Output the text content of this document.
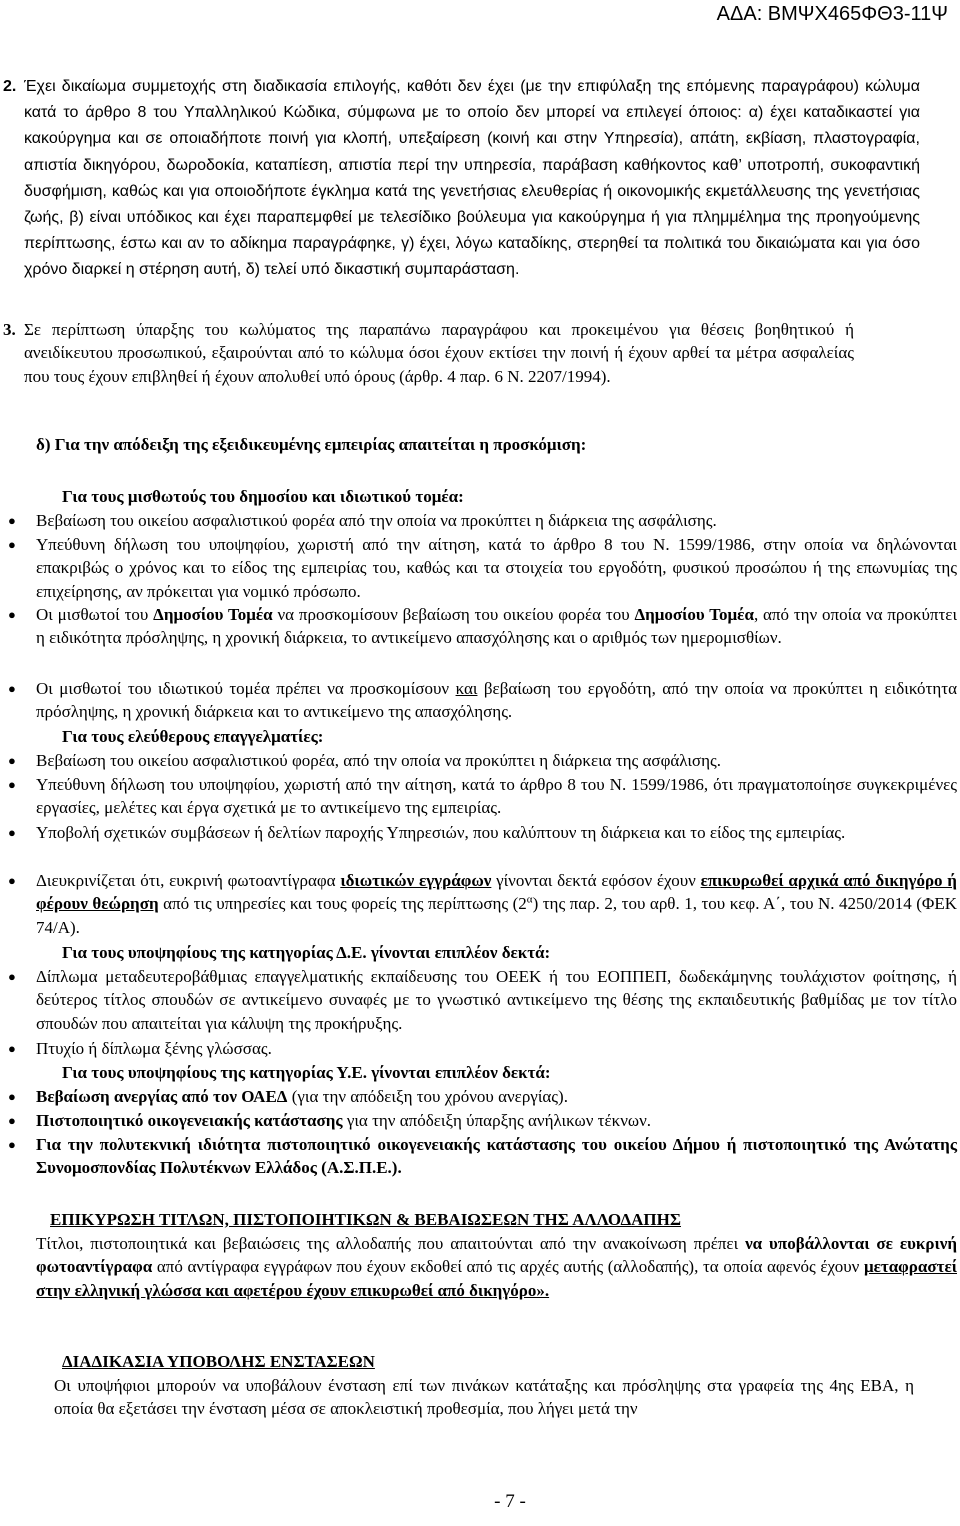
ΑΔΑ: ΒΜΨΧ465ΦΘ3-11Ψ
2. Έχει δικαίωμα συμμετοχής στη διαδικασία επιλογής, καθότι δεν έχει (με την επιφύλαξη της επόμενης παραγράφου) κώλυμα κατά το άρθρο 8 του Υπαλληλικού Κώδικα, σύμφωνα με το οποίο δεν μπορεί να επιλεγεί όποιος: α) έχει καταδικαστεί για κακούργημα και σε οποιαδήποτε ποινή για κλοπή, υπεξαίρεση (κοινή και στην Υπηρεσία), απάτη, εκβίαση, πλαστογραφία, απιστία δικηγόρου, δωροδοκία, καταπίεση, απιστία περί την υπηρεσία, παράβαση καθήκοντος καθ’ υποτροπή, συκοφαντική δυσφήμιση, καθώς και για οποιοδήποτε έγκλημα κατά της γενετήσιας ελευθερίας ή οικονομικής εκμετάλλευσης της γενετήσιας ζωής, β) είναι υπόδικος και έχει παραπεμφθεί με τελεσίδικο βούλευμα για κακούργημα ή για πλημμέλημα της προηγούμενης περίπτωσης, έστω και αν το αδίκημα παραγράφηκε, γ) έχει, λόγω καταδίκης, στερηθεί τα πολιτικά του δικαιώματα και για όσο χρόνο διαρκεί η στέρηση αυτή, δ) τελεί υπό δικαστική συμπαράσταση.
3. Σε περίπτωση ύπαρξης του κωλύματος της παραπάνω παραγράφου και προκειμένου για θέσεις βοηθητικού ή ανειδίκευτου προσωπικού, εξαιρούνται από το κώλυμα όσοι έχουν εκτίσει την ποινή ή έχουν αρθεί τα μέτρα ασφαλείας που τους έχουν επιβληθεί ή έχουν απολυθεί υπό όρους (άρθρ. 4 παρ. 6 Ν. 2207/1994).
δ) Για την απόδειξη της εξειδικευμένης εμπειρίας απαιτείται η προσκόμιση:
Για τους μισθωτούς του δημοσίου και ιδιωτικού τομέα:
● Βεβαίωση του οικείου ασφαλιστικού φορέα από την οποία να προκύπτει η διάρκεια της ασφάλισης.
● Υπεύθυνη δήλωση του υποψηφίου, χωριστή από την αίτηση, κατά το άρθρο 8 του Ν. 1599/1986, στην οποία να δηλώνονται επακριβώς ο χρόνος και το είδος της εμπειρίας του, καθώς και τα στοιχεία του εργοδότη, φυσικού προσώπου ή της επωνυμίας της επιχείρησης, αν πρόκειται για νομικό πρόσωπο.
● Οι μισθωτοί του Δημοσίου Τομέα να προσκομίσουν βεβαίωση του οικείου φορέα του Δημοσίου Τομέα, από την οποία να προκύπτει η ειδικότητα πρόσληψης, η χρονική διάρκεια, το αντικείμενο απασχόλησης και ο αριθμός των ημερομισθίων.
● Οι μισθωτοί του ιδιωτικού τομέα πρέπει να προσκομίσουν και βεβαίωση του εργοδότη, από την οποία να προκύπτει η ειδικότητα πρόσληψης, η χρονική διάρκεια και το αντικείμενο της απασχόλησης.
Για τους ελεύθερους επαγγελματίες:
● Βεβαίωση του οικείου ασφαλιστικού φορέα, από την οποία να προκύπτει η διάρκεια της ασφάλισης.
● Υπεύθυνη δήλωση του υποψηφίου, χωριστή από την αίτηση, κατά το άρθρο 8 του Ν. 1599/1986, ότι πραγματοποίησε συγκεκριμένες εργασίες, μελέτες και έργα σχετικά με το αντικείμενο της εμπειρίας.
● Υποβολή σχετικών συμβάσεων ή δελτίων παροχής Υπηρεσιών, που καλύπτουν τη διάρκεια και το είδος της εμπειρίας.
● Διευκρινίζεται ότι, ευκρινή φωτοαντίγραφα ιδιωτικών εγγράφων γίνονται δεκτά εφόσον έχουν επικυρωθεί αρχικά από δικηγόρο ή φέρουν θεώρηση από τις υπηρεσίες και τους φορείς της περίπτωσης $(2^\alpha)$ της παρ. 2, του αρθ. 1, του κεφ. Α΄, του Ν. 4250/2014 (ΦΕΚ 74/Α).
Για τους υποψηφίους της κατηγορίας Δ.Ε. γίνονται επιπλέον δεκτά:
● Δίπλωμα μεταδευτεροβάθμιας επαγγελματικής εκπαίδευσης του ΟΕΕΚ ή του ΕΟΠΠΕΠ, δωδεκάμηνης τουλάχιστον φοίτησης, ή δεύτερος τίτλος σπουδών σε αντικείμενο συναφές με το γνωστικό αντικείμενο της θέσης της εκπαιδευτικής βαθμίδας με τον τίτλο σπουδών που απαιτείται για κάλυψη της προκήρυξης.
● Πτυχίο ή δίπλωμα ξένης γλώσσας.
Για τους υποψηφίους της κατηγορίας Υ.Ε. γίνονται επιπλέον δεκτά:
● Βεβαίωση ανεργίας από τον ΟΑΕΔ (για την απόδειξη του χρόνου ανεργίας).
● Πιστοποιητικό οικογενειακής κατάστασης για την απόδειξη ύπαρξης ανήλικων τέκνων.
● Για την πολυτεκνική ιδιότητα πιστοποιητικό οικογενειακής κατάστασης του οικείου Δήμου ή πιστοποιητικό της Ανώτατης Συνομοσπονδίας Πολυτέκνων Ελλάδος (Α.Σ.Π.Ε.).
ΕΠΙΚΥΡΩΣΗ ΤΙΤΛΩΝ, ΠΙΣΤΟΠΟΙΗΤΙΚΩΝ & ΒΕΒΑΙΩΣΕΩΝ ΤΗΣ ΑΛΛΟΔΑΠΗΣ
Τίτλοι, πιστοποιητικά και βεβαιώσεις της αλλοδαπής που απαιτούνται από την ανακοίνωση πρέπει να υποβάλλονται σε ευκρινή φωτοαντίγραφα από αντίγραφα εγγράφων που έχουν εκδοθεί από τις αρχές αυτής (αλλοδαπής), τα οποία αφενός έχουν μεταφραστεί στην ελληνική γλώσσα και αφετέρου έχουν επικυρωθεί από δικηγόρο».
ΔΙΑΔΙΚΑΣΙΑ ΥΠΟΒΟΛΗΣ ΕΝΣΤΑΣΕΩΝ
Οι υποψήφιοι μπορούν να υποβάλουν ένσταση επί των πινάκων κατάταξης και πρόσληψης στα γραφεία της 4ης ΕΒΑ, η οποία θα εξετάσει την ένσταση μέσα σε αποκλειστική προθεσμία, που λήγει μετά την
- 7 -
